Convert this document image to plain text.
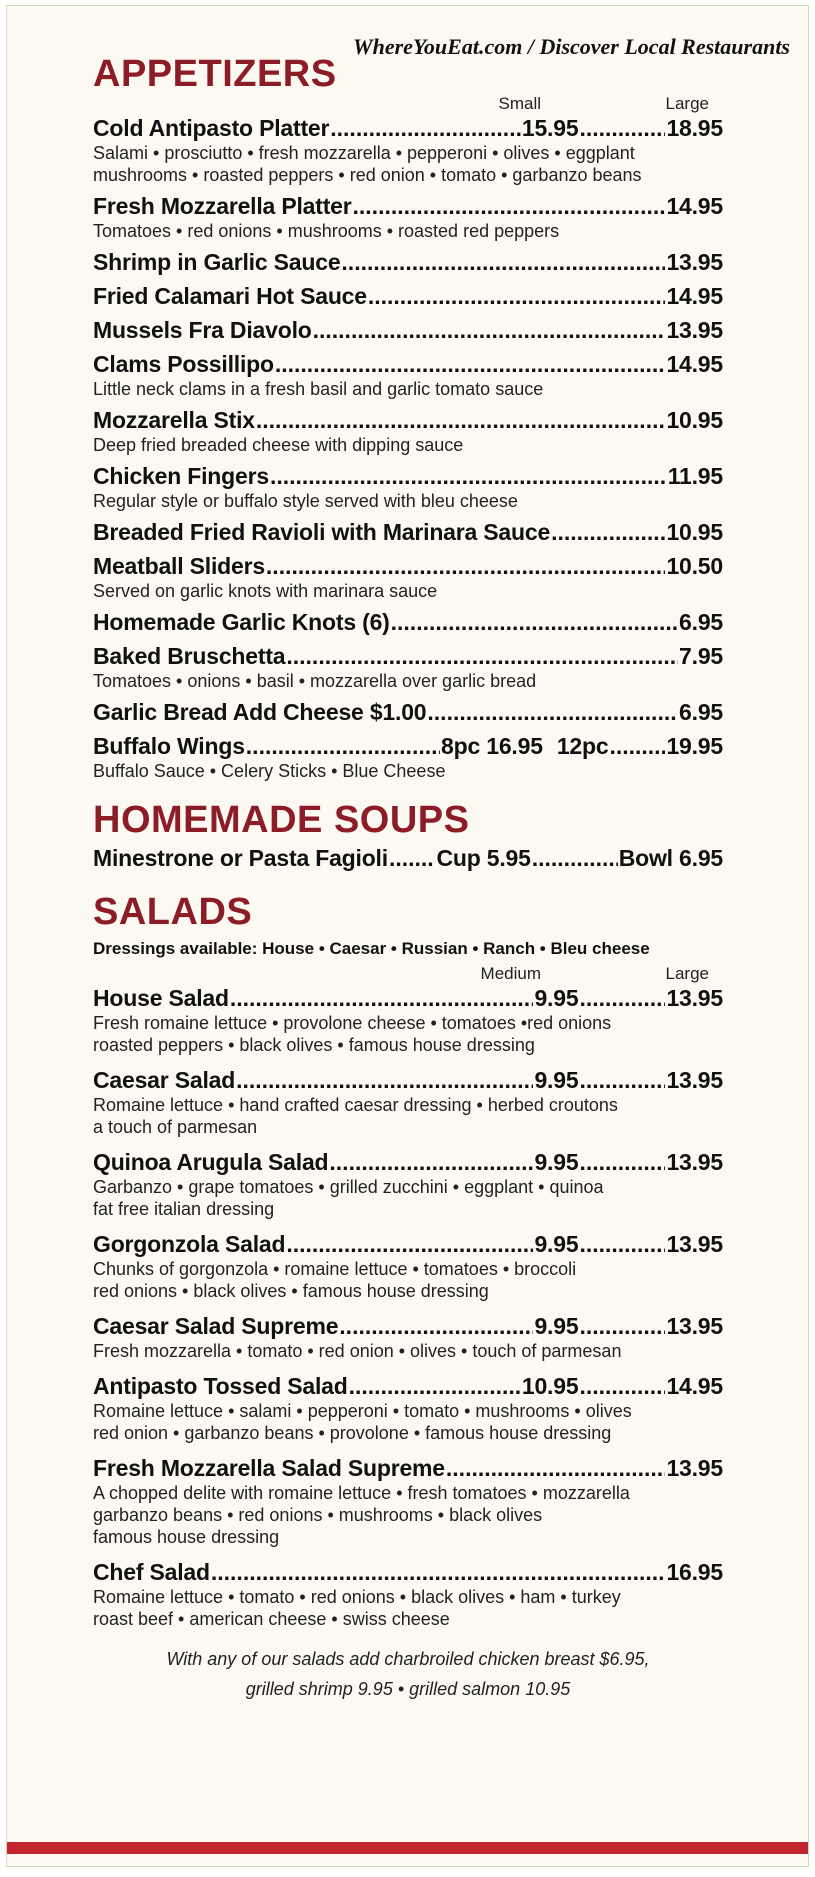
WhereYouEat.com / Discover Local Restaurants
APPETIZERS
Small	Large
Cold Antipasto Platter .....	15.95 .....	18.95
Salami • prosciutto • fresh mozzarella • pepperoni • olives • eggplant
mushrooms • roasted peppers • red onion • tomato • garbanzo beans
Fresh Mozzarella Platter .....	14.95
Tomatoes • red onions • mushrooms • roasted red peppers
Shrimp in Garlic Sauce .....	13.95
Fried Calamari Hot Sauce .....	14.95
Mussels Fra Diavolo .....	13.95
Clams Possillipo .....	14.95
Little neck clams in a fresh basil and garlic tomato sauce
Mozzarella Stix .....	10.95
Deep fried breaded cheese with dipping sauce
Chicken Fingers .....	11.95
Regular style or buffalo style served with bleu cheese
Breaded Fried Ravioli with Marinara Sauce .....	10.95
Meatball Sliders .....	10.50
Served on garlic knots with marinara sauce
Homemade Garlic Knots (6) .....	6.95
Baked Bruschetta .....	7.95
Tomatoes • onions • basil • mozzarella over garlic bread
Garlic Bread Add Cheese $1.00 .....	6.95
Buffalo Wings .....	8pc 16.95 12pc .....	19.95
Buffalo Sauce • Celery Sticks • Blue Cheese
HOMEMADE SOUPS
Minestrone or Pasta Fagioli ..... Cup 5.95 .....	Bowl 6.95
SALADS
Dressings available: House • Caesar • Russian • Ranch • Bleu cheese
Medium	Large
House Salad .....	9.95 .....	13.95
Fresh romaine lettuce • provolone cheese • tomatoes •red onions
roasted peppers • black olives • famous house dressing
Caesar Salad .....	9.95 .....	13.95
Romaine lettuce • hand crafted caesar dressing • herbed croutons
a touch of parmesan
Quinoa Arugula Salad .....	9.95 .....	13.95
Garbanzo • grape tomatoes • grilled zucchini • eggplant • quinoa
fat free italian dressing
Gorgonzola Salad .....	9.95 .....	13.95
Chunks of gorgonzola • romaine lettuce • tomatoes • broccoli
red onions • black olives • famous house dressing
Caesar Salad Supreme .....	9.95 .....	13.95
Fresh mozzarella • tomato • red onion • olives • touch of parmesan
Antipasto Tossed Salad .....	10.95 .....	14.95
Romaine lettuce • salami • pepperoni • tomato • mushrooms • olives
red onion • garbanzo beans • provolone • famous house dressing
Fresh Mozzarella Salad Supreme .....	13.95
A chopped delite with romaine lettuce • fresh tomatoes • mozzarella
garbanzo beans • red onions • mushrooms • black olives
famous house dressing
Chef Salad .....	16.95
Romaine lettuce • tomato • red onions • black olives • ham • turkey
roast beef • american cheese • swiss cheese
With any of our salads add charbroiled chicken breast $6.95,
grilled shrimp 9.95 • grilled salmon 10.95
